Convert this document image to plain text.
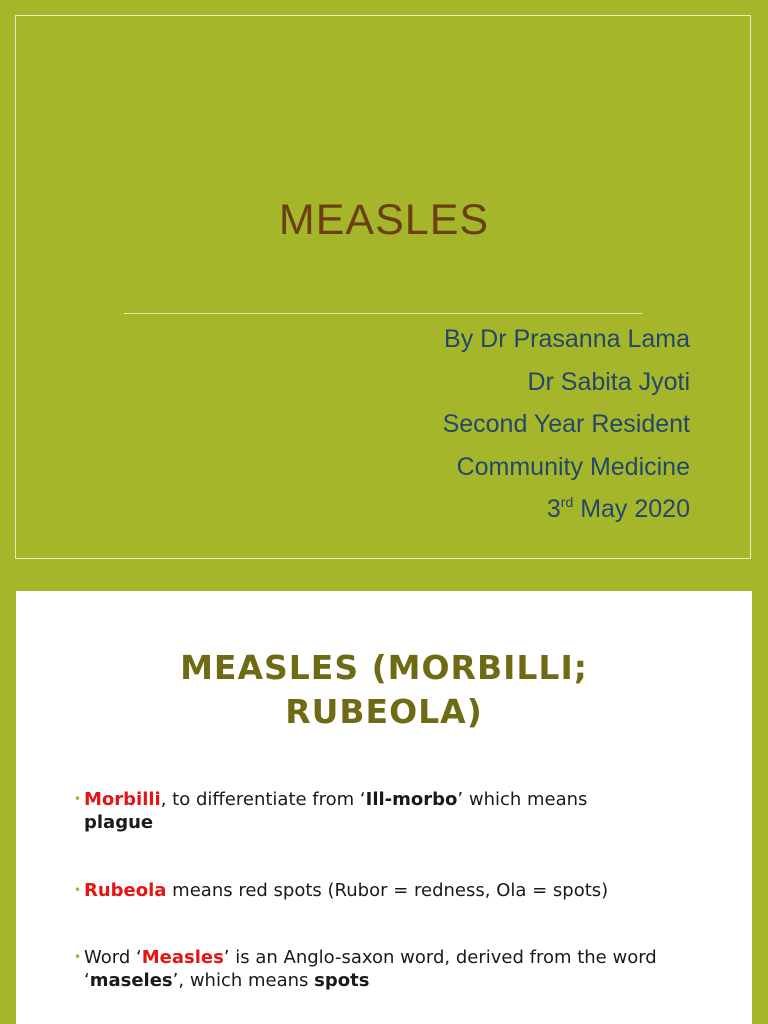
MEASLES
By Dr Prasanna Lama
Dr Sabita Jyoti
Second Year Resident
Community Medicine
3rd May 2020
MEASLES (MORBILLI;
RUBEOLA)
• Morbilli, to differentiate from ‘Ill-morbo’ which means
plague
• Rubeola means red spots (Rubor = redness, Ola = spots)
• Word ‘Measles’ is an Anglo-saxon word, derived from the word ‘maseles’, which means spots
